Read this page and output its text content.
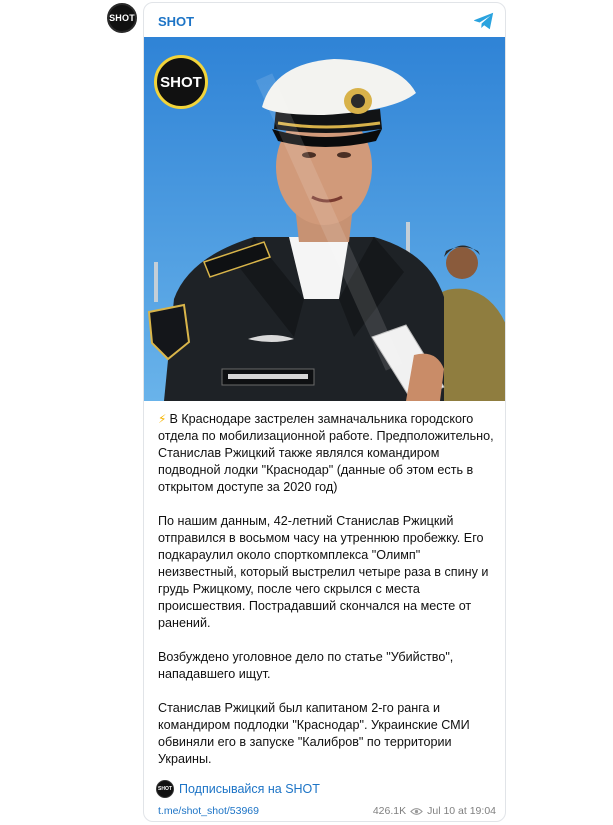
SHOT SHOT
SHOT

⚡ В Краснодаре застрелен замначальника городского отдела по мобилизационной работе. Предположительно, Станислав Ржицкий также являлся командиром подводной лодки "Краснодар" (данные об этом есть в открытом доступе за 2020 год)

По нашим данным, 42-летний Станислав Ржицкий отправился в восьмом часу на утреннюю пробежку. Его подкараулил около спорткомплекса "Олимп" неизвестный, который выстрелил четыре раза в спину и грудь Ржицкому, после чего скрылся с места происшествия. Пострадавший скончался на месте от ранений.

Возбуждено уголовное дело по статье "Убийство", нападавшего ищут.

Станислав Ржицкий был капитаном 2-го ранга и командиром подлодки "Краснодар". Украинские СМИ обвиняли его в запуске "Калибров" по территории Украины.

SHOT Подписывайся на SHOT
t.me/shot_shot/53969	426.1K Jul 10 at 19:04
